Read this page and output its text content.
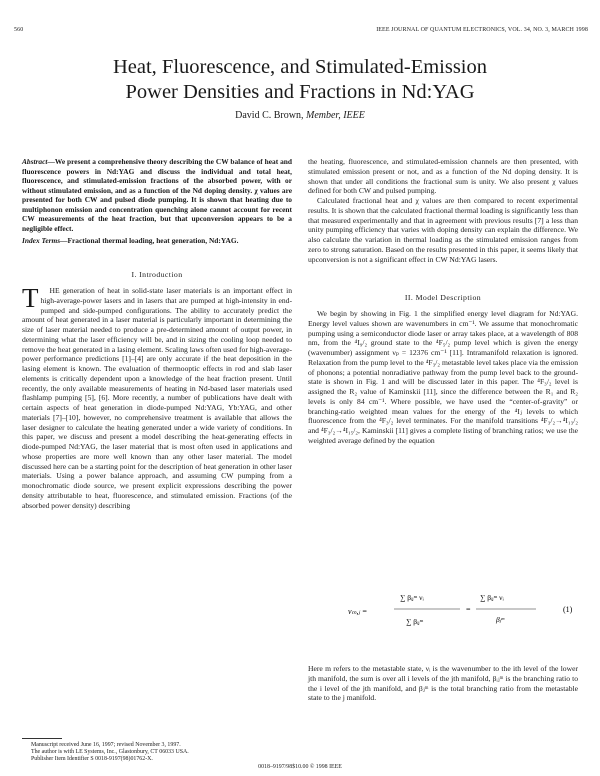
560	IEEE JOURNAL OF QUANTUM ELECTRONICS, VOL. 34, NO. 3, MARCH 1998
Heat, Fluorescence, and Stimulated-Emission
Power Densities and Fractions in Nd:YAG
David C. Brown, Member, IEEE
Abstract—We present a comprehensive theory describing the CW balance of heat and fluorescence powers in Nd:YAG and discuss the individual and total heat, fluorescence, and stimulated-emission fractions of the absorbed power, with or without stimulated emission, and as a function of the Nd doping density. χ values are presented for both CW and pulsed diode pumping. It is shown that heating due to multiphonon emission and concentration quenching alone cannot account for recent CW measurements of the heat fraction, but that upconversion appears to be a negligible effect.
Index Terms—Fractional thermal loading, heat generation, Nd:YAG.
I. Introduction

T HE generation of heat in solid-state laser materials is an important effect in high-average-power lasers and in lasers that are pumped at high-intensity in end-pumped and side-pumped configurations. The ability to accurately predict the amount of heat generated in a laser material is particularly important in determining the size of laser material needed to produce a pre-determined amount of output power, in determining what the laser efficiency will be, and in sizing the cooling loop needed to remove the heat generated in a lasing element. Scaling laws often used for high-average-power performance predictions [1]–[4] are only accurate if the heat deposition in the lasing element is known. The evaluation of thermooptic effects in rod and slab laser elements is critically dependent upon a knowledge of the heat fraction present. Until recently, the only available measurements of heating in Nd-based laser materials used flashlamp pumping [5], [6]. More recently, a number of publications have dealt with certain aspects of heat generation in diode-pumped Nd:YAG, Yb:YAG, and other materials [7]–[10], however, no comprehensive treatment is available that allows the laser designer to calculate the heating generated under a wide variety of conditions. In this paper, we discuss and present a model describing the heat-generating effects in diode-pumped Nd:YAG, the laser material that is most often used in applications and whose properties are more well known than any other laser material. The model discussed here can be a starting point for the description of heat generation in other laser materials. Using a power balance approach, and assuming CW pumping from a monochromatic diode source, we present explicit expressions describing the power density attributable to heat, fluorescence, and stimulated emission. Fractions (of the absorbed power density) describing

the heating, fluorescence, and stimulated-emission channels are then presented, with stimulated emission present or not, and as a function of the Nd doping density. It is shown that under all conditions the fractional sum is unity. We also present χ values defined for both CW and pulsed pumping.

Calculated fractional heat and χ values are then compared to recent experimental results. It is shown that the calculated fractional thermal loading is significantly less than that measured experimentally and that in agreement with previous results [7] a less than unity pumping efficiency that varies with doping density can explain the difference. We also calculate the variation in thermal loading as the stimulated emission ranges from zero to strong saturation. Based on the results presented in this paper, it seems likely that upconversion is not a significant effect in CW Nd:YAG lasers.

II. Model Description

We begin by showing in Fig. 1 the simplified energy level diagram for Nd:YAG. Energy level values shown are wavenumbers in cm⁻¹. We assume that monochromatic pumping using a semiconductor diode laser or array takes place, at a wavelength of 808 nm, from the ⁴I₉/₂ ground state to the ⁴F₅/₂ pump level which is given the energy (wavenumber) assignment νₚ = 12376 cm⁻¹ [11]. Intramanifold relaxation is ignored. Relaxation from the pump level to the ⁴F₃/₂ metastable level takes place via the emission of phonons; a potential nonradiative pathway from the pump level back to the ground-state is shown in Fig. 1 and will be discussed later in this paper. The ⁴F₃/₂ level is assigned the R₂ value of Kaminskii [11], since the difference between the R₁ and R₂ levels is only 84 cm⁻¹. Where possible, we have used the “center-of-gravity” or branching-ratio weighted mean values for the energy of the ⁴Iⱼ levels to which fluorescence from the ⁴F₃/₂ level terminates. For the manifold transitions ⁴F₃/₂→⁴I₁₃/₂ and ⁴F₃/₂→⁴I₁₅/₂, Kaminskii [11] gives a complete listing of branching ratios; we use the weighted average defined by the equation

νₘ,ⱼ =
∑ βᵢⱼᵐ νᵢ
∑ βᵢⱼᵐ
=
∑ βᵢⱼᵐ νᵢ
βⱼᵐ
(1)

Here m refers to the metastable state, νᵢ is the wavenumber to the ith level of the lower jth manifold, the sum is over all i levels of the jth manifold, βᵢⱼᵐ is the branching ratio to the i level of the jth manifold, and βⱼᵐ is the total branching ratio from the metastable state to the j manifold.

Manuscript received June 16, 1997; revised November 3, 1997.
The author is with LE Systems, Inc., Glastonbury, CT 06033 USA.
Publisher Item Identifier S 0018-9197(98)01762-X.
0018–9197/98$10.00 © 1998 IEEE
